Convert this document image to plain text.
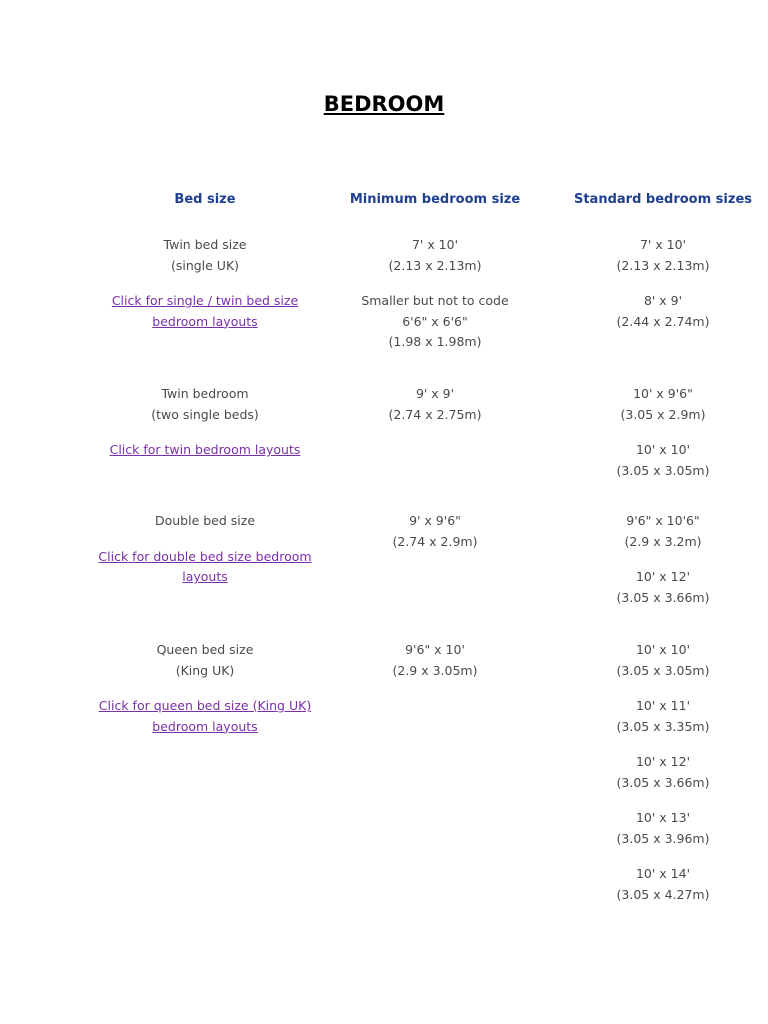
BEDROOM
Bed size	Minimum bedroom size	Standard bedroom sizes
Twin bed size
(single UK)
Click for single / twin bed size
bedroom layouts
7' x 10'
(2.13 x 2.13m)
Smaller but not to code
6'6" x 6'6"
(1.98 x 1.98m)
7' x 10'
(2.13 x 2.13m)
8' x 9'
(2.44 x 2.74m)
Twin bedroom
(two single beds)
Click for twin bedroom layouts
9' x 9'
(2.74 x 2.75m)
10' x 9'6"
(3.05 x 2.9m)
10' x 10'
(3.05 x 3.05m)
Double bed size
Click for double bed size bedroom
layouts
9' x 9'6"
(2.74 x 2.9m)
9'6" x 10'6"
(2.9 x 3.2m)
10' x 12'
(3.05 x 3.66m)
Queen bed size
(King UK)
Click for queen bed size (King UK)
bedroom layouts
9'6" x 10'
(2.9 x 3.05m)
10' x 10'
(3.05 x 3.05m)
10' x 11'
(3.05 x 3.35m)
10' x 12'
(3.05 x 3.66m)
10' x 13'
(3.05 x 3.96m)
10' x 14'
(3.05 x 4.27m)
